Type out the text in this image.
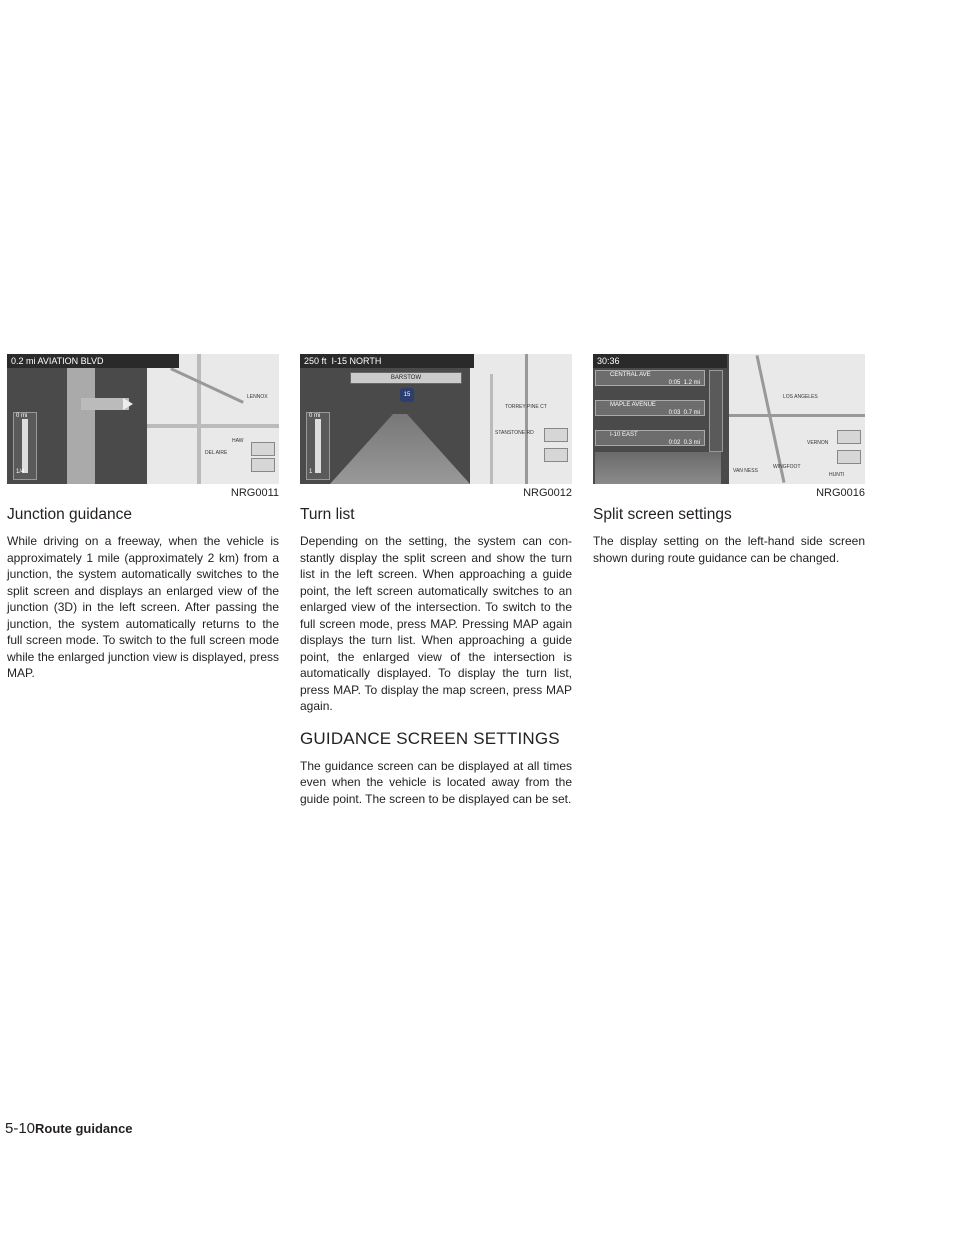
0.2 mi AVIATION BLVD
0 mi
1/4
LENNOX
HAW
DEL AIRE
NRG0011
Junction guidance

While driving on a freeway, when the vehicle is approximately 1 mile (approximately 2 km) from a junction, the system automatically switches to the split screen and displays an enlarged view of the junction (3D) in the left screen. After passing the junction, the system automatically returns to the full screen mode. To switch to the full screen mode while the enlarged junction view is displayed, press MAP.

250 ft I-15 NORTH
BARSTOW
15
0 mi
1
TORREY PINE CT
STANSTONE RD
NRG0012
Turn list

Depending on the setting, the system can con-stantly display the split screen and show the turn list in the left screen. When approaching a guide point, the left screen automatically switches to an enlarged view of the intersection. To switch to the full screen mode, press MAP. Pressing MAP again displays the turn list. When approaching a guide point, the enlarged view of the intersection is automatically displayed. To display the turn list, press MAP. To display the map screen, press MAP again.

GUIDANCE SCREEN SETTINGS

The guidance screen can be displayed at all times even when the vehicle is located away from the guide point. The screen to be displayed can be set.

30:36
CENTRAL AVE
0:05 1.2 mi
MAPLE AVENUE
0:03 0.7 mi
I-10 EAST
0:02 0.3 mi
LOS ANGELES
VERNON
VAN NESS
WINGFOOT
HUNTI
NRG0016
Split screen settings

The display setting on the left-hand side screen shown during route guidance can be changed.

5-10Route guidance
